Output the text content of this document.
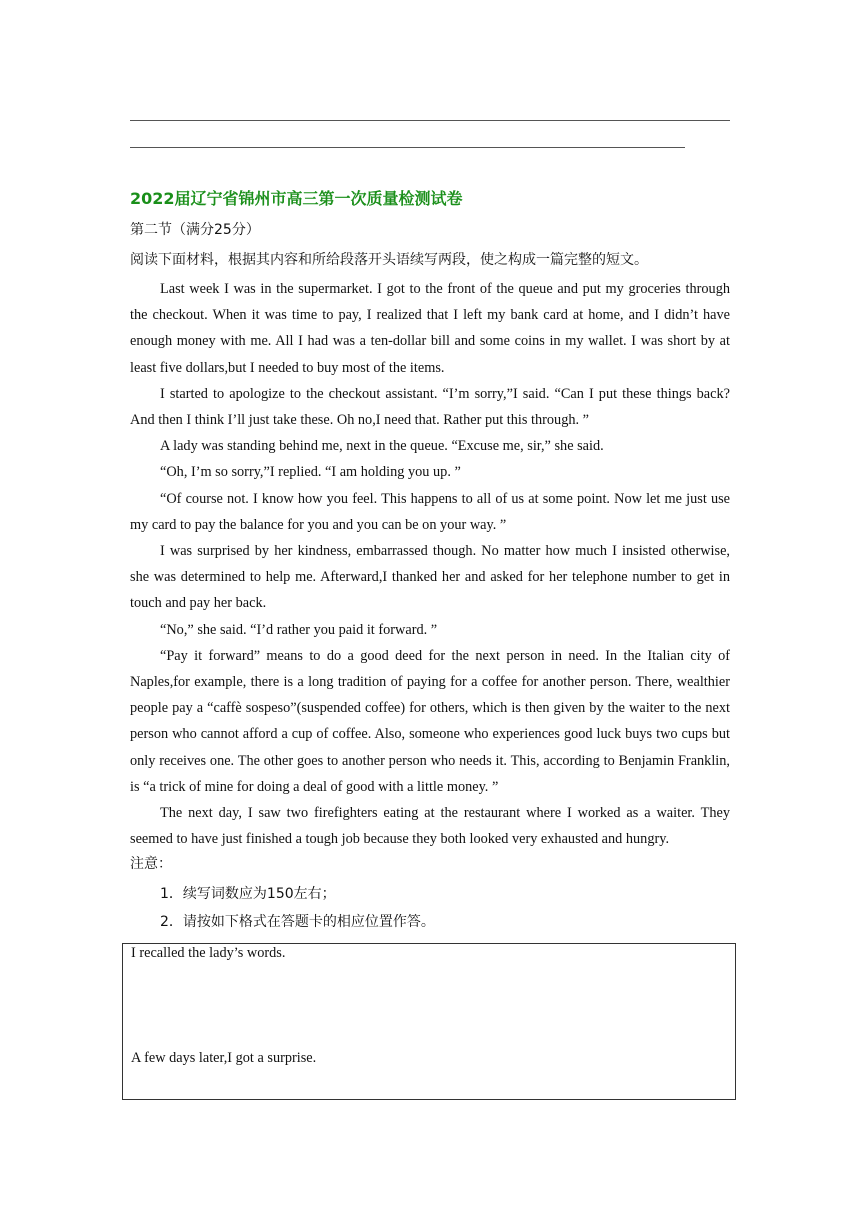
2022届辽宁省锦州市高三第一次质量检测试卷
第二节（满分25分）
阅读下面材料，根据其内容和所给段落开头语续写两段，使之构成一篇完整的短文。

Last week I was in the supermarket. I got to the front of the queue and put my groceries through the checkout. When it was time to pay, I realized that I left my bank card at home, and I didn’t have enough money with me. All I had was a ten-dollar bill and some coins in my wallet. I was short by at least five dollars,but I needed to buy most of the items.

I started to apologize to the checkout assistant. “I’m sorry,”I said. “Can I put these things back? And then I think I’ll just take these. Oh no,I need that. Rather put this through. ”

A lady was standing behind me, next in the queue. “Excuse me, sir,” she said.

“Oh, I’m so sorry,”I replied. “I am holding you up. ”

“Of course not. I know how you feel. This happens to all of us at some point. Now let me just use my card to pay the balance for you and you can be on your way. ”

I was surprised by her kindness, embarrassed though. No matter how much I insisted otherwise, she was determined to help me. Afterward,I thanked her and asked for her telephone number to get in touch and pay her back.

“No,” she said. “I’d rather you paid it forward. ”

“Pay it forward” means to do a good deed for the next person in need. In the Italian city of Naples,for example, there is a long tradition of paying for a coffee for another person. There, wealthier people pay a “caffè sospeso”(suspended coffee) for others, which is then given by the waiter to the next person who cannot afford a cup of coffee. Also, someone who experiences good luck buys two cups but only receives one. The other goes to another person who needs it. This, according to Benjamin Franklin, is “a trick of mine for doing a deal of good with a little money. ”

The next day, I saw two firefighters eating at the restaurant where I worked as a waiter. They seemed to have just finished a tough job because they both looked very exhausted and hungry.

注意：
1．续写词数应为150左右；
2．请按如下格式在答题卡的相应位置作答。
I recalled the lady’s words.
A few days later,I got a surprise.
